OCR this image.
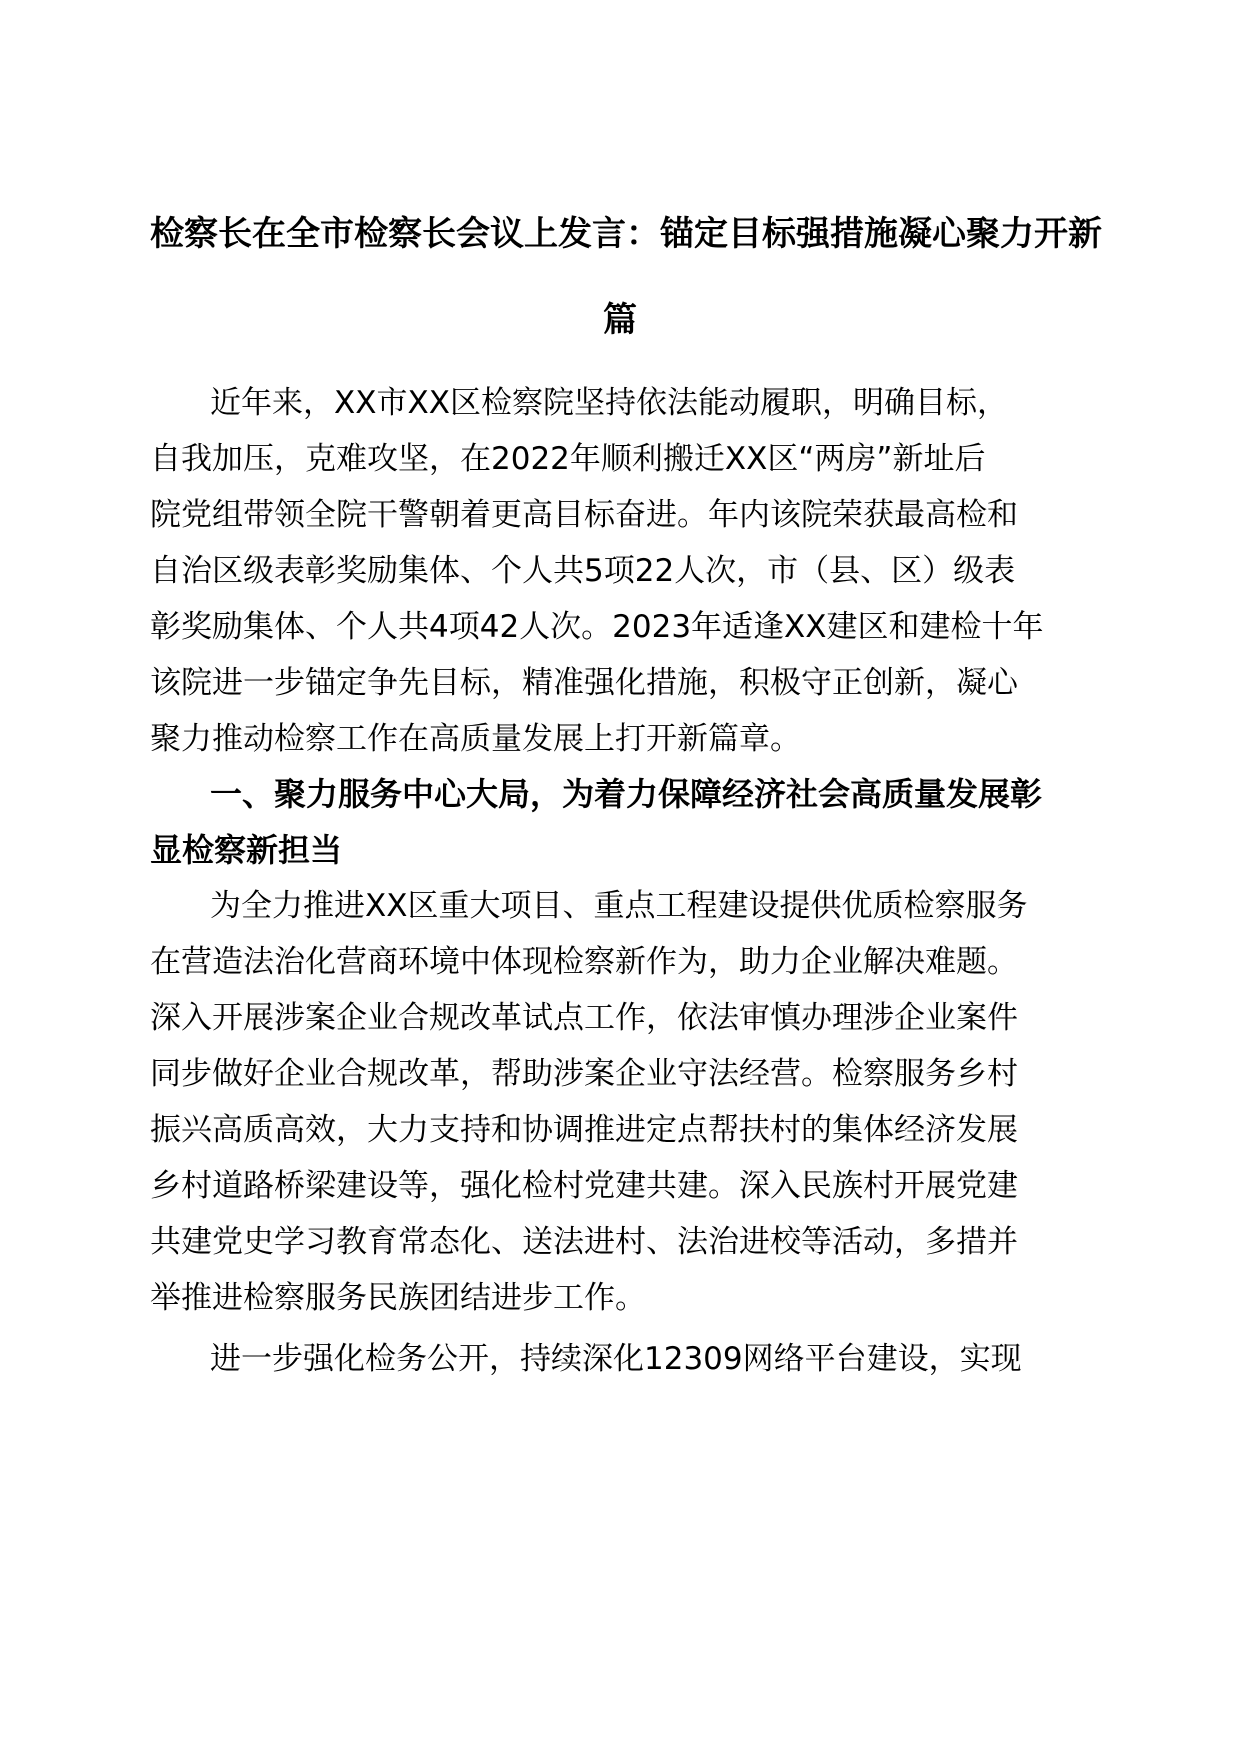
检察长在全市检察长会议上发言：锚定目标强措施凝心聚力开新
篇

近年来，XX市XX区检察院坚持依法能动履职，明确目标，

自我加压，克难攻坚，在2022年顺利搬迁XX区“两房”新址后

院党组带领全院干警朝着更高目标奋进。年内该院荣获最高检和

自治区级表彰奖励集体、个人共5项22人次，市（县、区）级表

彰奖励集体、个人共4项42人次。2023年适逢XX建区和建检十年

该院进一步锚定争先目标，精准强化措施，积极守正创新，凝心

聚力推动检察工作在高质量发展上打开新篇章。

一、聚力服务中心大局，为着力保障经济社会高质量发展彰

显检察新担当

为全力推进XX区重大项目、重点工程建设提供优质检察服务

在营造法治化营商环境中体现检察新作为，助力企业解决难题。

深入开展涉案企业合规改革试点工作，依法审慎办理涉企业案件

同步做好企业合规改革，帮助涉案企业守法经营。检察服务乡村

振兴高质高效，大力支持和协调推进定点帮扶村的集体经济发展

乡村道路桥梁建设等，强化检村党建共建。深入民族村开展党建

共建党史学习教育常态化、送法进村、法治进校等活动，多措并

举推进检察服务民族团结进步工作。

进一步强化检务公开，持续深化12309网络平台建设，实现
